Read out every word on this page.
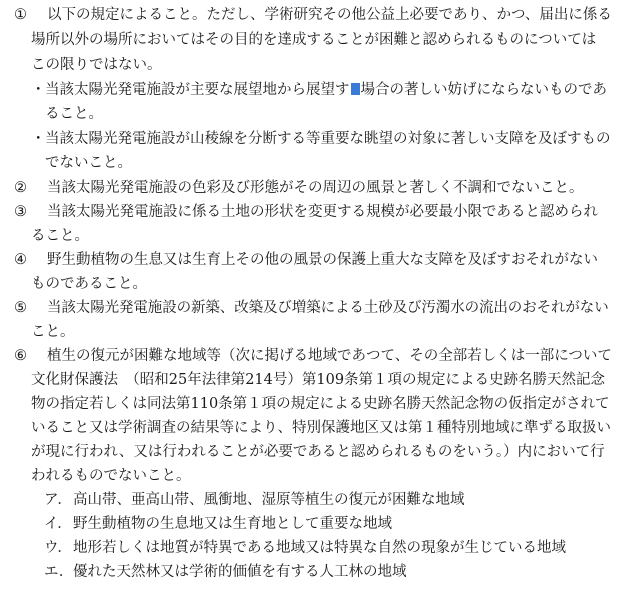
① 以下の規定によること。ただし、学術研究その他公益上必要であり、かつ、届出に係る
場所以外の場所においてはその目的を達成することが困難と認められるものについては
この限りではない。
・ 当該太陽光発電施設が主要な展望地から展望す 場合の著しい妨げにならないものであ
ること。
・ 当該太陽光発電施設が山稜線を分断する等重要な眺望の対象に著しい支障を及ぼすもの
でないこと。
② 当該太陽光発電施設の色彩及び形態がその周辺の風景と著しく不調和でないこと。
③ 当該太陽光発電施設に係る土地の形状を変更する規模が必要最小限であると認められ
ること。
④ 野生動植物の生息又は生育上その他の風景の保護上重大な支障を及ぼすおそれがない
ものであること。
⑤ 当該太陽光発電施設の新築、改築及び増築による土砂及び汚濁水の流出のおそれがない
こと。
⑥ 植生の復元が困難な地域等（次に掲げる地域であつて、その全部若しくは一部について
文化財保護法　（昭和25年法律第214号）第109条第１項の規定による史跡名勝天然記念
物の指定若しくは同法第110条第１項の規定による史跡名勝天然記念物の仮指定がされて
いること又は学術調査の結果等により、特別保護地区又は第１種特別地域に準ずる取扱い
が現に行われ、又は行われることが必要であると認められるものをいう。）内において行
われるものでないこと。
ア． 高山帯、亜高山帯、風衝地、湿原等植生の復元が困難な地域
イ． 野生動植物の生息地又は生育地として重要な地域
ウ． 地形若しくは地質が特異である地域又は特異な自然の現象が生じている地域
エ． 優れた天然林又は学術的価値を有する人工林の地域
